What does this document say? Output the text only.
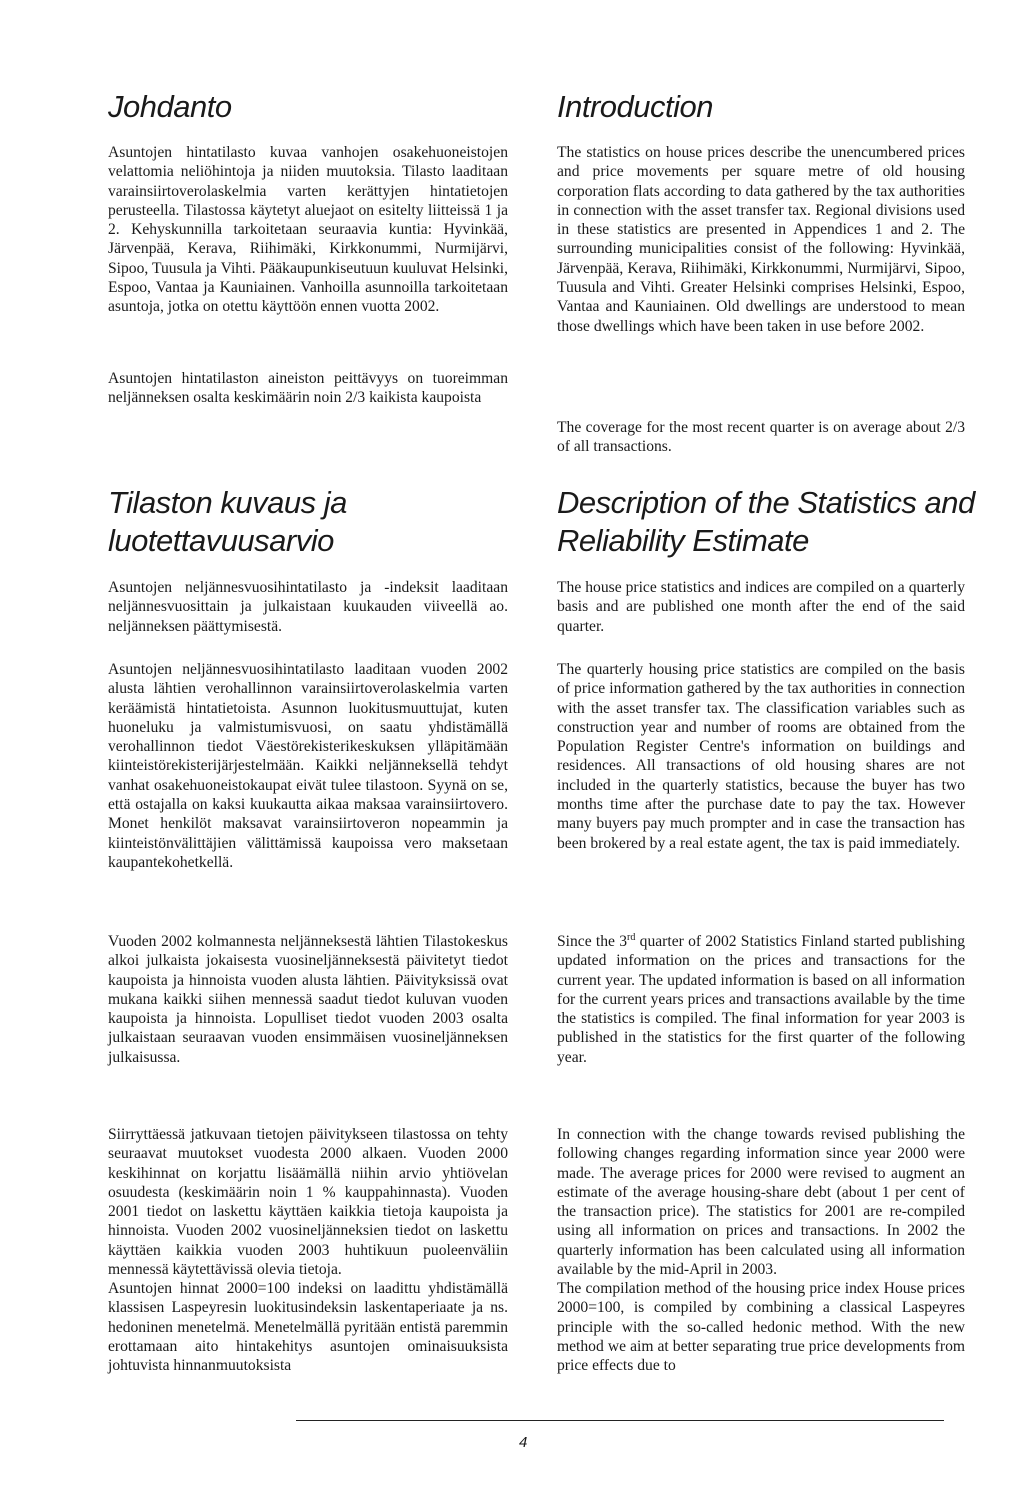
Johdanto

Asuntojen hintatilasto kuvaa vanhojen osakehuoneistojen velattomia neliöhintoja ja niiden muutoksia. Tilasto laaditaan varainsiirtoverolaskelmia varten kerättyjen hintatietojen perusteella. Tilastossa käytetyt aluejaot on esitelty liitteissä 1 ja 2. Kehyskunnilla tarkoitetaan seuraavia kuntia: Hyvinkää, Järvenpää, Kerava, Riihimäki, Kirkkonummi, Nurmijärvi, Sipoo, Tuusula ja Vihti. Pääkaupunkiseutuun kuuluvat Helsinki, Espoo, Vantaa ja Kauniainen. Vanhoilla asunnoilla tarkoitetaan asuntoja, jotka on otettu käyttöön ennen vuotta 2002.

Asuntojen hintatilaston aineiston peittävyys on tuoreimman neljänneksen osalta keskimäärin noin 2/3 kaikista kaupoista

Tilaston kuvaus ja luotettavuusarvio

Asuntojen neljännesvuosihintatilasto ja -indeksit laaditaan neljännesvuosittain ja julkaistaan kuukauden viiveellä ao. neljänneksen päättymisestä.

Asuntojen neljännesvuosihintatilasto laaditaan vuoden 2002 alusta lähtien verohallinnon varainsiirtoverolaskelmia varten keräämistä hintatietoista. Asunnon luokitusmuuttujat, kuten huoneluku ja valmistumisvuosi, on saatu yhdistämällä verohallinnon tiedot Väestörekisterikeskuksen ylläpitämään kiinteistörekisterijärjestelmään. Kaikki neljänneksellä tehdyt vanhat osakehuoneistokaupat eivät tulee tilastoon. Syynä on se, että ostajalla on kaksi kuukautta aikaa maksaa varainsiirtovero. Monet henkilöt maksavat varainsiirtoveron nopeammin ja kiinteistönvälittäjien välittämissä kaupoissa vero maksetaan kaupantekohetkellä.

Vuoden 2002 kolmannesta neljänneksestä lähtien Tilastokeskus alkoi julkaista jokaisesta vuosineljänneksestä päivitetyt tiedot kaupoista ja hinnoista vuoden alusta lähtien. Päivityksissä ovat mukana kaikki siihen mennessä saadut tiedot kuluvan vuoden kaupoista ja hinnoista. Lopulliset tiedot vuoden 2003 osalta julkaistaan seuraavan vuoden ensimmäisen vuosineljänneksen julkaisussa.

Siirryttäessä jatkuvaan tietojen päivitykseen tilastossa on tehty seuraavat muutokset vuodesta 2000 alkaen. Vuoden 2000 keskihinnat on korjattu lisäämällä niihin arvio yhtiövelan osuudesta (keskimäärin noin 1 % kauppahinnasta). Vuoden 2001 tiedot on laskettu käyttäen kaikkia tietoja kaupoista ja hinnoista. Vuoden 2002 vuosineljänneksien tiedot on laskettu käyttäen kaikkia vuoden 2003 huhtikuun puoleenväliin mennessä käytettävissä olevia tietoja.

Asuntojen hinnat 2000=100 indeksi on laadittu yhdistämällä klassisen Laspeyresin luokitusindeksin laskentaperiaate ja ns. hedoninen menetelmä. Menetelmällä pyritään entistä paremmin erottamaan aito hintakehitys asuntojen ominaisuuksista johtuvista hinnanmuutoksista

Introduction

The statistics on house prices describe the unencumbered prices and price movements per square metre of old housing corporation flats according to data gathered by the tax authorities in connection with the asset transfer tax. Regional divisions used in these statistics are presented in Appendices 1 and 2. The surrounding municipalities consist of the following: Hyvinkää, Järvenpää, Kerava, Riihimäki, Kirkkonummi, Nurmijärvi, Sipoo, Tuusula and Vihti. Greater Helsinki comprises Helsinki, Espoo, Vantaa and Kauniainen. Old dwellings are understood to mean those dwellings which have been taken in use before 2002.

The coverage for the most recent quarter is on average about 2/3 of all transactions.

Description of the Statistics and Reliability Estimate

The house price statistics and indices are compiled on a quarterly basis and are published one month after the end of the said quarter.

The quarterly housing price statistics are compiled on the basis of price information gathered by the tax authorities in connection with the asset transfer tax. The classification variables such as construction year and number of rooms are obtained from the Population Register Centre's information on buildings and residences. All transactions of old housing shares are not included in the quarterly statistics, because the buyer has two months time after the purchase date to pay the tax. However many buyers pay much prompter and in case the transaction has been brokered by a real estate agent, the tax is paid immediately.

Since the 3rd quarter of 2002 Statistics Finland started publishing updated information on the prices and transactions for the current year. The updated information is based on all information for the current years prices and transactions available by the time the statistics is compiled. The final information for year 2003 is published in the statistics for the first quarter of the following year.

In connection with the change towards revised publishing the following changes regarding information since year 2000 were made. The average prices for 2000 were revised to augment an estimate of the average housing-share debt (about 1 per cent of the transaction price). The statistics for 2001 are re-compiled using all information on prices and transactions. In 2002 the quarterly information has been calculated using all information available by the mid-April in 2003.

The compilation method of the housing price index House prices 2000=100, is compiled by combining a classical Laspeyres principle with the so-called hedonic method. With the new method we aim at better separating true price developments from price effects due to

4
